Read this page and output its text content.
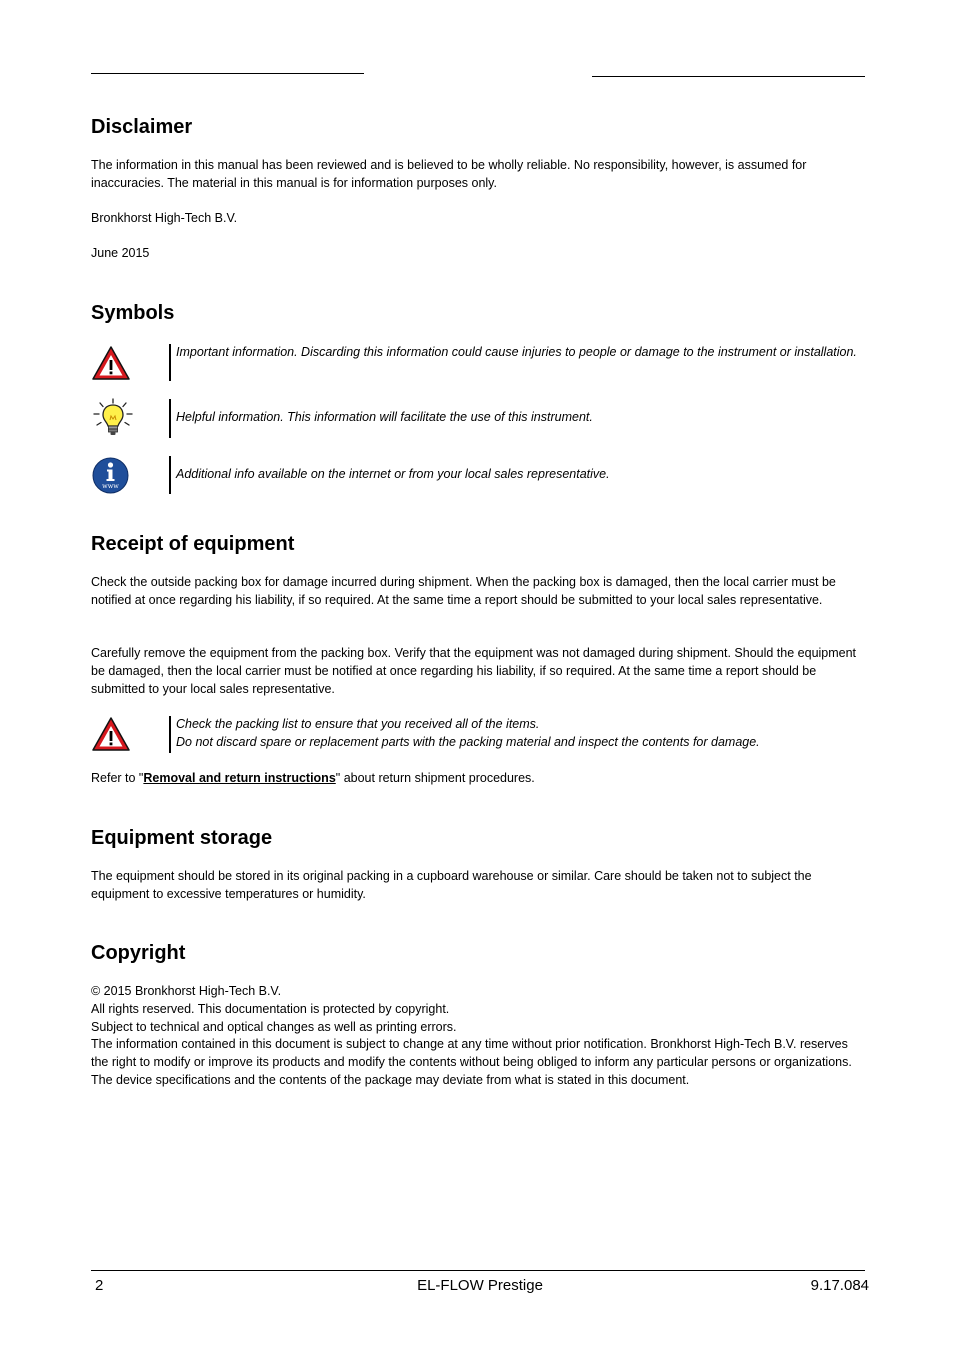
Disclaimer

The information in this manual has been reviewed and is believed to be wholly reliable. No responsibility, however, is assumed for inaccuracies. The material in this manual is for information purposes only.

Bronkhorst High-Tech B.V.

June 2015

Symbols
Important information. Discarding this information could cause injuries to people or damage to the instrument or installation.
Helpful information. This information will facilitate the use of this instrument.
www
Additional info available on the internet or from your local sales representative.
Receipt of equipment

Check the outside packing box for damage incurred during shipment. When the packing box is damaged, then the local carrier must be notified at once regarding his liability, if so required. At the same time a report should be submitted to your local sales representative.

Carefully remove the equipment from the packing box. Verify that the equipment was not damaged during shipment. Should the equipment be damaged, then the local carrier must be notified at once regarding his liability, if so required. At the same time a report should be submitted to your local sales representative.

Check the packing list to ensure that you received all of the items.
Do not discard spare or replacement parts with the packing material and inspect the contents for damage.

Refer to "Removal and return instructions" about return shipment procedures.

Equipment storage

The equipment should be stored in its original packing in a cupboard warehouse or similar. Care should be taken not to subject the equipment to excessive temperatures or humidity.

Copyright

© 2015 Bronkhorst High-Tech B.V.

All rights reserved. This documentation is protected by copyright.

Subject to technical and optical changes as well as printing errors.

The information contained in this document is subject to change at any time without prior notification. Bronkhorst High-Tech B.V. reserves the right to modify or improve its products and modify the contents without being obliged to inform any particular persons or organizations. The device specifications and the contents of the package may deviate from what is stated in this document.

2	EL-FLOW Prestige	9.17.084
